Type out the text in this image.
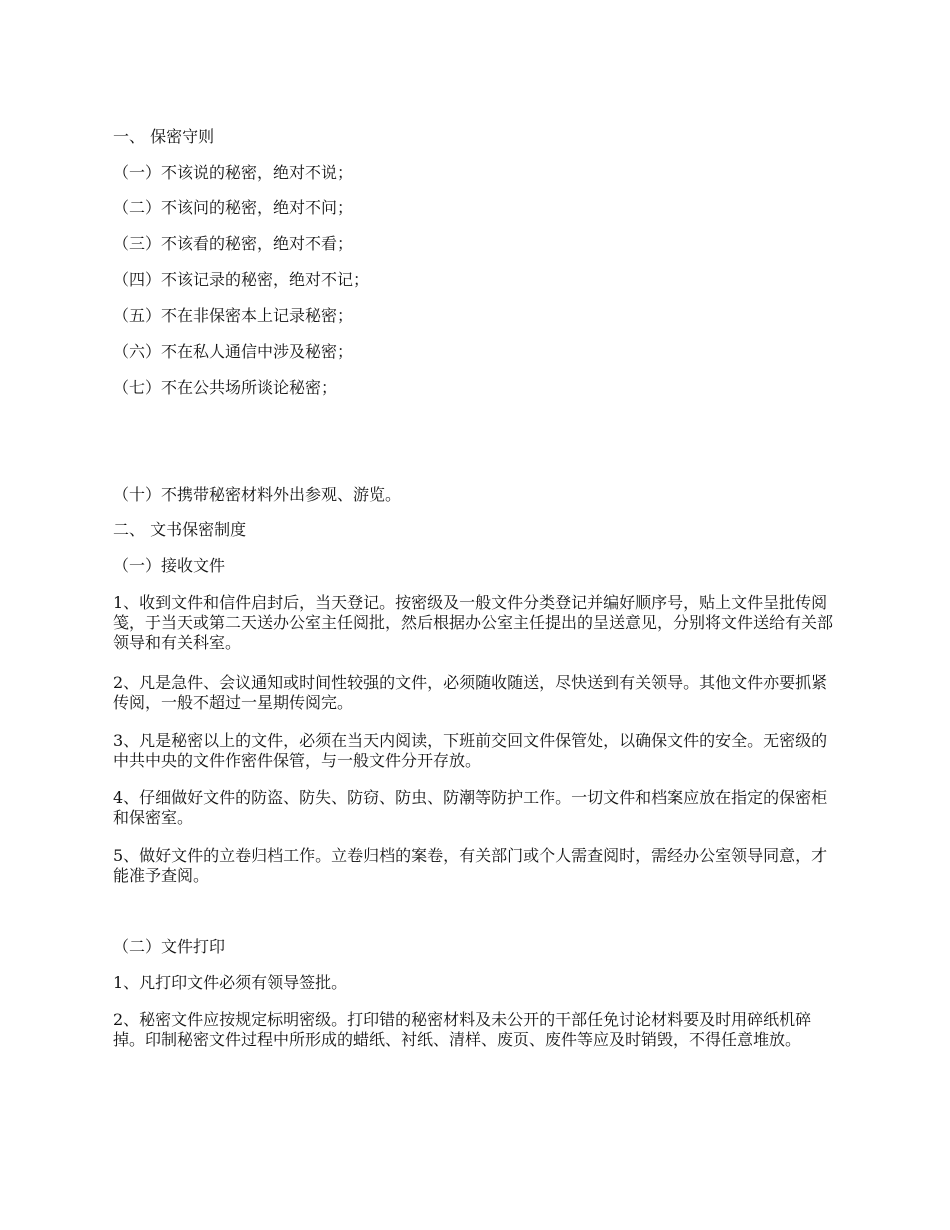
一、 保密守则
（一）不该说的秘密，绝对不说；
（二）不该问的秘密，绝对不问；
（三）不该看的秘密，绝对不看；
（四）不该记录的秘密，绝对不记；
（五）不在非保密本上记录秘密；
（六）不在私人通信中涉及秘密；
（七）不在公共场所谈论秘密；
（十）不携带秘密材料外出参观、游览。
二、 文书保密制度
（一）接收文件
1、收到文件和信件启封后，当天登记。按密级及一般文件分类登记并编好顺序号，贴上文件呈批传阅笺，于当天或第二天送办公室主任阅批，然后根据办公室主任提出的呈送意见，分别将文件送给有关部领导和有关科室。
2、凡是急件、会议通知或时间性较强的文件，必须随收随送，尽快送到有关领导。其他文件亦要抓紧传阅，一般不超过一星期传阅完。
3、凡是秘密以上的文件，必须在当天内阅读，下班前交回文件保管处，以确保文件的安全。无密级的中共中央的文件作密件保管，与一般文件分开存放。
4、仔细做好文件的防盗、防失、防窃、防虫、防潮等防护工作。一切文件和档案应放在指定的保密柜和保密室。
5、做好文件的立卷归档工作。立卷归档的案卷，有关部门或个人需查阅时，需经办公室领导同意，才能准予查阅。
（二）文件打印
1、凡打印文件必须有领导签批。
2、秘密文件应按规定标明密级。打印错的秘密材料及未公开的干部任免讨论材料要及时用碎纸机碎掉。印制秘密文件过程中所形成的蜡纸、衬纸、清样、废页、废件等应及时销毁，不得任意堆放。
